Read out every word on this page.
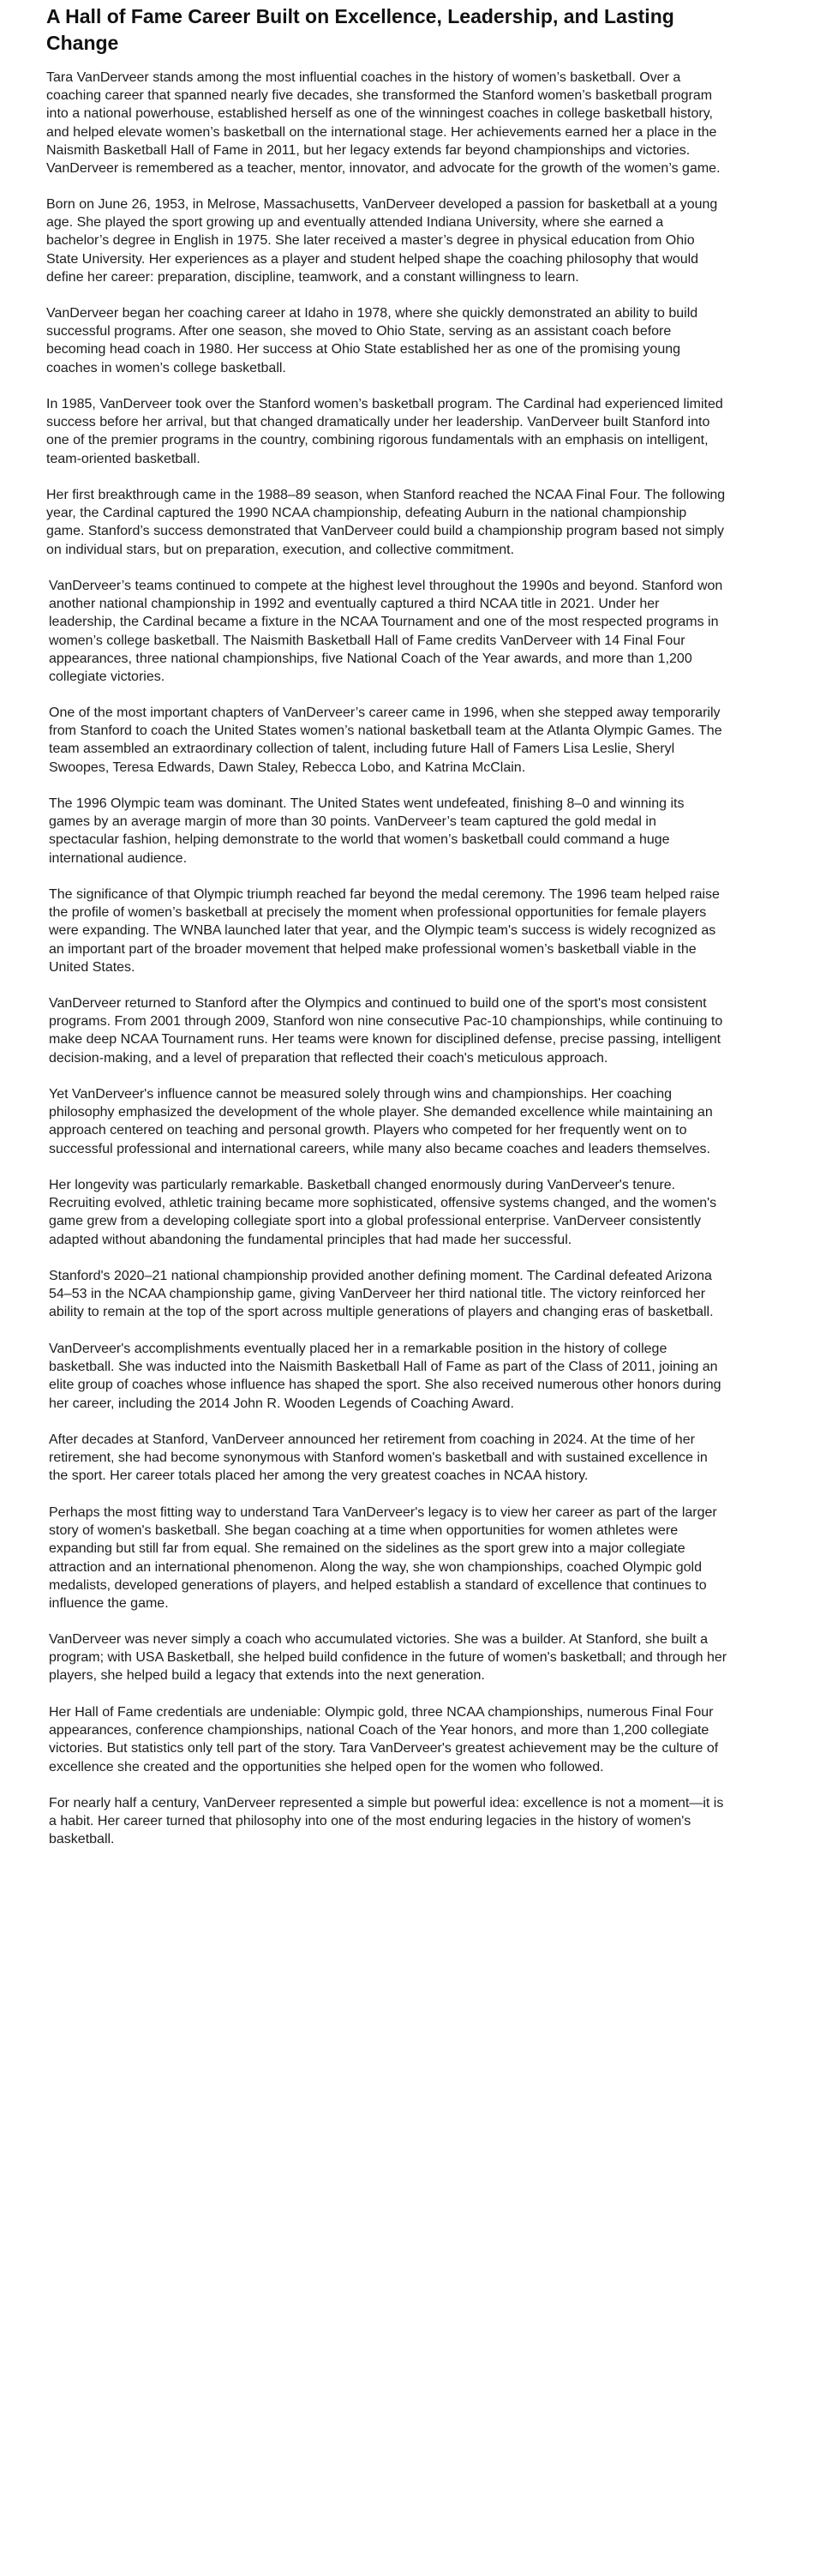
A Hall of Fame Career Built on Excellence, Leadership, and Lasting Change

Tara VanDerveer stands among the most influential coaches in the history of women’s basketball. Over a coaching career that spanned nearly five decades, she transformed the Stanford women’s basketball program into a national powerhouse, established herself as one of the winningest coaches in college basketball history, and helped elevate women’s basketball on the international stage. Her achievements earned her a place in the Naismith Basketball Hall of Fame in 2011, but her legacy extends far beyond championships and victories. VanDerveer is remembered as a teacher, mentor, innovator, and advocate for the growth of the women’s game.

Born on June 26, 1953, in Melrose, Massachusetts, VanDerveer developed a passion for basketball at a young age. She played the sport growing up and eventually attended Indiana University, where she earned a bachelor’s degree in English in 1975. She later received a master’s degree in physical education from Ohio State University. Her experiences as a player and student helped shape the coaching philosophy that would define her career: preparation, discipline, teamwork, and a constant willingness to learn.

VanDerveer began her coaching career at Idaho in 1978, where she quickly demonstrated an ability to build successful programs. After one season, she moved to Ohio State, serving as an assistant coach before becoming head coach in 1980. Her success at Ohio State established her as one of the promising young coaches in women’s college basketball.

In 1985, VanDerveer took over the Stanford women’s basketball program. The Cardinal had experienced limited success before her arrival, but that changed dramatically under her leadership. VanDerveer built Stanford into one of the premier programs in the country, combining rigorous fundamentals with an emphasis on intelligent, team-oriented basketball.

Her first breakthrough came in the 1988–89 season, when Stanford reached the NCAA Final Four. The following year, the Cardinal captured the 1990 NCAA championship, defeating Auburn in the national championship game. Stanford’s success demonstrated that VanDerveer could build a championship program based not simply on individual stars, but on preparation, execution, and collective commitment.

VanDerveer’s teams continued to compete at the highest level throughout the 1990s and beyond. Stanford won another national championship in 1992 and eventually captured a third NCAA title in 2021. Under her leadership, the Cardinal became a fixture in the NCAA Tournament and one of the most respected programs in women’s college basketball. The Naismith Basketball Hall of Fame credits VanDerveer with 14 Final Four appearances, three national championships, five National Coach of the Year awards, and more than 1,200 collegiate victories.

One of the most important chapters of VanDerveer’s career came in 1996, when she stepped away temporarily from Stanford to coach the United States women’s national basketball team at the Atlanta Olympic Games. The team assembled an extraordinary collection of talent, including future Hall of Famers Lisa Leslie, Sheryl Swoopes, Teresa Edwards, Dawn Staley, Rebecca Lobo, and Katrina McClain.

The 1996 Olympic team was dominant. The United States went undefeated, finishing 8–0 and winning its games by an average margin of more than 30 points. VanDerveer’s team captured the gold medal in spectacular fashion, helping demonstrate to the world that women’s basketball could command a huge international audience.

The significance of that Olympic triumph reached far beyond the medal ceremony. The 1996 team helped raise the profile of women’s basketball at precisely the moment when professional opportunities for female players were expanding. The WNBA launched later that year, and the Olympic team's success is widely recognized as an important part of the broader movement that helped make professional women’s basketball viable in the United States.

VanDerveer returned to Stanford after the Olympics and continued to build one of the sport's most consistent programs. From 2001 through 2009, Stanford won nine consecutive Pac-10 championships, while continuing to make deep NCAA Tournament runs. Her teams were known for disciplined defense, precise passing, intelligent decision-making, and a level of preparation that reflected their coach's meticulous approach.

Yet VanDerveer's influence cannot be measured solely through wins and championships. Her coaching philosophy emphasized the development of the whole player. She demanded excellence while maintaining an approach centered on teaching and personal growth. Players who competed for her frequently went on to successful professional and international careers, while many also became coaches and leaders themselves.

Her longevity was particularly remarkable. Basketball changed enormously during VanDerveer's tenure. Recruiting evolved, athletic training became more sophisticated, offensive systems changed, and the women's game grew from a developing collegiate sport into a global professional enterprise. VanDerveer consistently adapted without abandoning the fundamental principles that had made her successful.

Stanford's 2020–21 national championship provided another defining moment. The Cardinal defeated Arizona 54–53 in the NCAA championship game, giving VanDerveer her third national title. The victory reinforced her ability to remain at the top of the sport across multiple generations of players and changing eras of basketball.

VanDerveer's accomplishments eventually placed her in a remarkable position in the history of college basketball. She was inducted into the Naismith Basketball Hall of Fame as part of the Class of 2011, joining an elite group of coaches whose influence has shaped the sport. She also received numerous other honors during her career, including the 2014 John R. Wooden Legends of Coaching Award.

After decades at Stanford, VanDerveer announced her retirement from coaching in 2024. At the time of her retirement, she had become synonymous with Stanford women's basketball and with sustained excellence in the sport. Her career totals placed her among the very greatest coaches in NCAA history.

Perhaps the most fitting way to understand Tara VanDerveer's legacy is to view her career as part of the larger story of women's basketball. She began coaching at a time when opportunities for women athletes were expanding but still far from equal. She remained on the sidelines as the sport grew into a major collegiate attraction and an international phenomenon. Along the way, she won championships, coached Olympic gold medalists, developed generations of players, and helped establish a standard of excellence that continues to influence the game.

VanDerveer was never simply a coach who accumulated victories. She was a builder. At Stanford, she built a program; with USA Basketball, she helped build confidence in the future of women's basketball; and through her players, she helped build a legacy that extends into the next generation.

Her Hall of Fame credentials are undeniable: Olympic gold, three NCAA championships, numerous Final Four appearances, conference championships, national Coach of the Year honors, and more than 1,200 collegiate victories. But statistics only tell part of the story. Tara VanDerveer's greatest achievement may be the culture of excellence she created and the opportunities she helped open for the women who followed.

For nearly half a century, VanDerveer represented a simple but powerful idea: excellence is not a moment—it is a habit. Her career turned that philosophy into one of the most enduring legacies in the history of women's basketball.
